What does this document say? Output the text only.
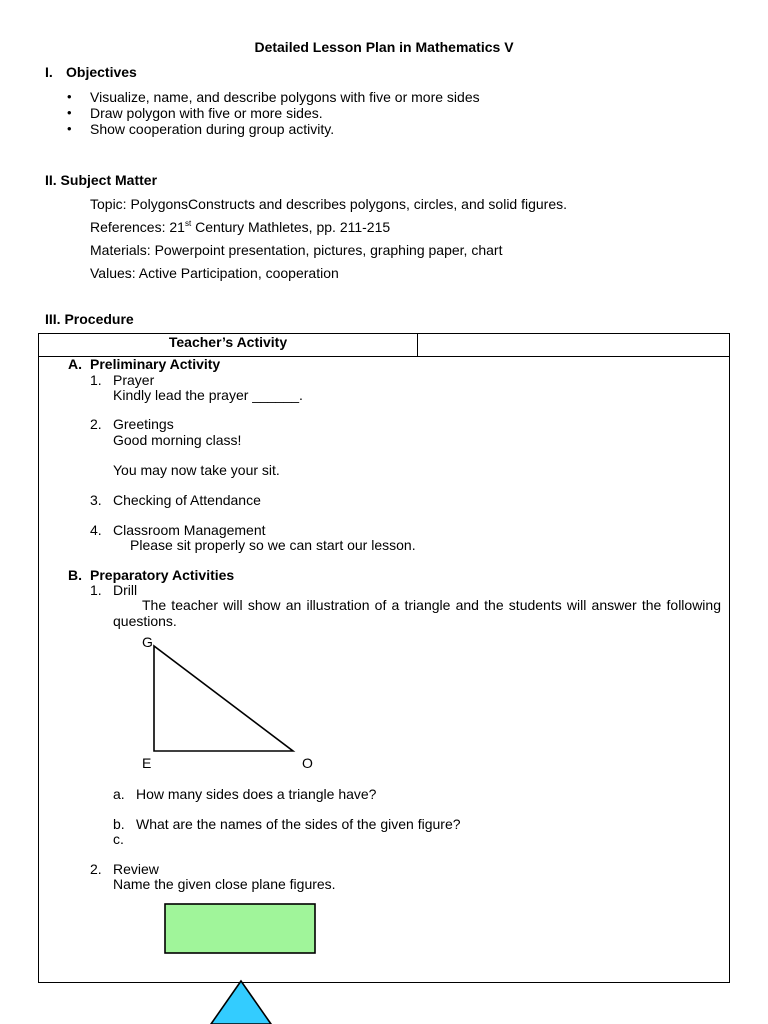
Detailed Lesson Plan in Mathematics V
I. Objectives
• Visualize, name, and describe polygons with five or more sides
• Draw polygon with five or more sides.
• Show cooperation during group activity.
II. Subject Matter
Topic: PolygonsConstructs and describes polygons, circles, and solid figures.
References: 21st Century Mathletes, pp. 211-215
Materials: Powerpoint presentation, pictures, graphing paper, chart
Values: Active Participation, cooperation
III. Procedure
Teacher’s Activity
A. Preliminary Activity
1. Prayer
Kindly lead the prayer ______.
2. Greetings
Good morning class!
You may now take your sit.
3. Checking of Attendance
4. Classroom Management
Please sit properly so we can start our lesson.
B. Preparatory Activities
1. Drill
The teacher will show an illustration of a triangle and the students will answer the following questions.
G
E	O
a. How many sides does a triangle have?
b. What are the names of the sides of the given figure?
c.
2. Review
Name the given close plane figures.
